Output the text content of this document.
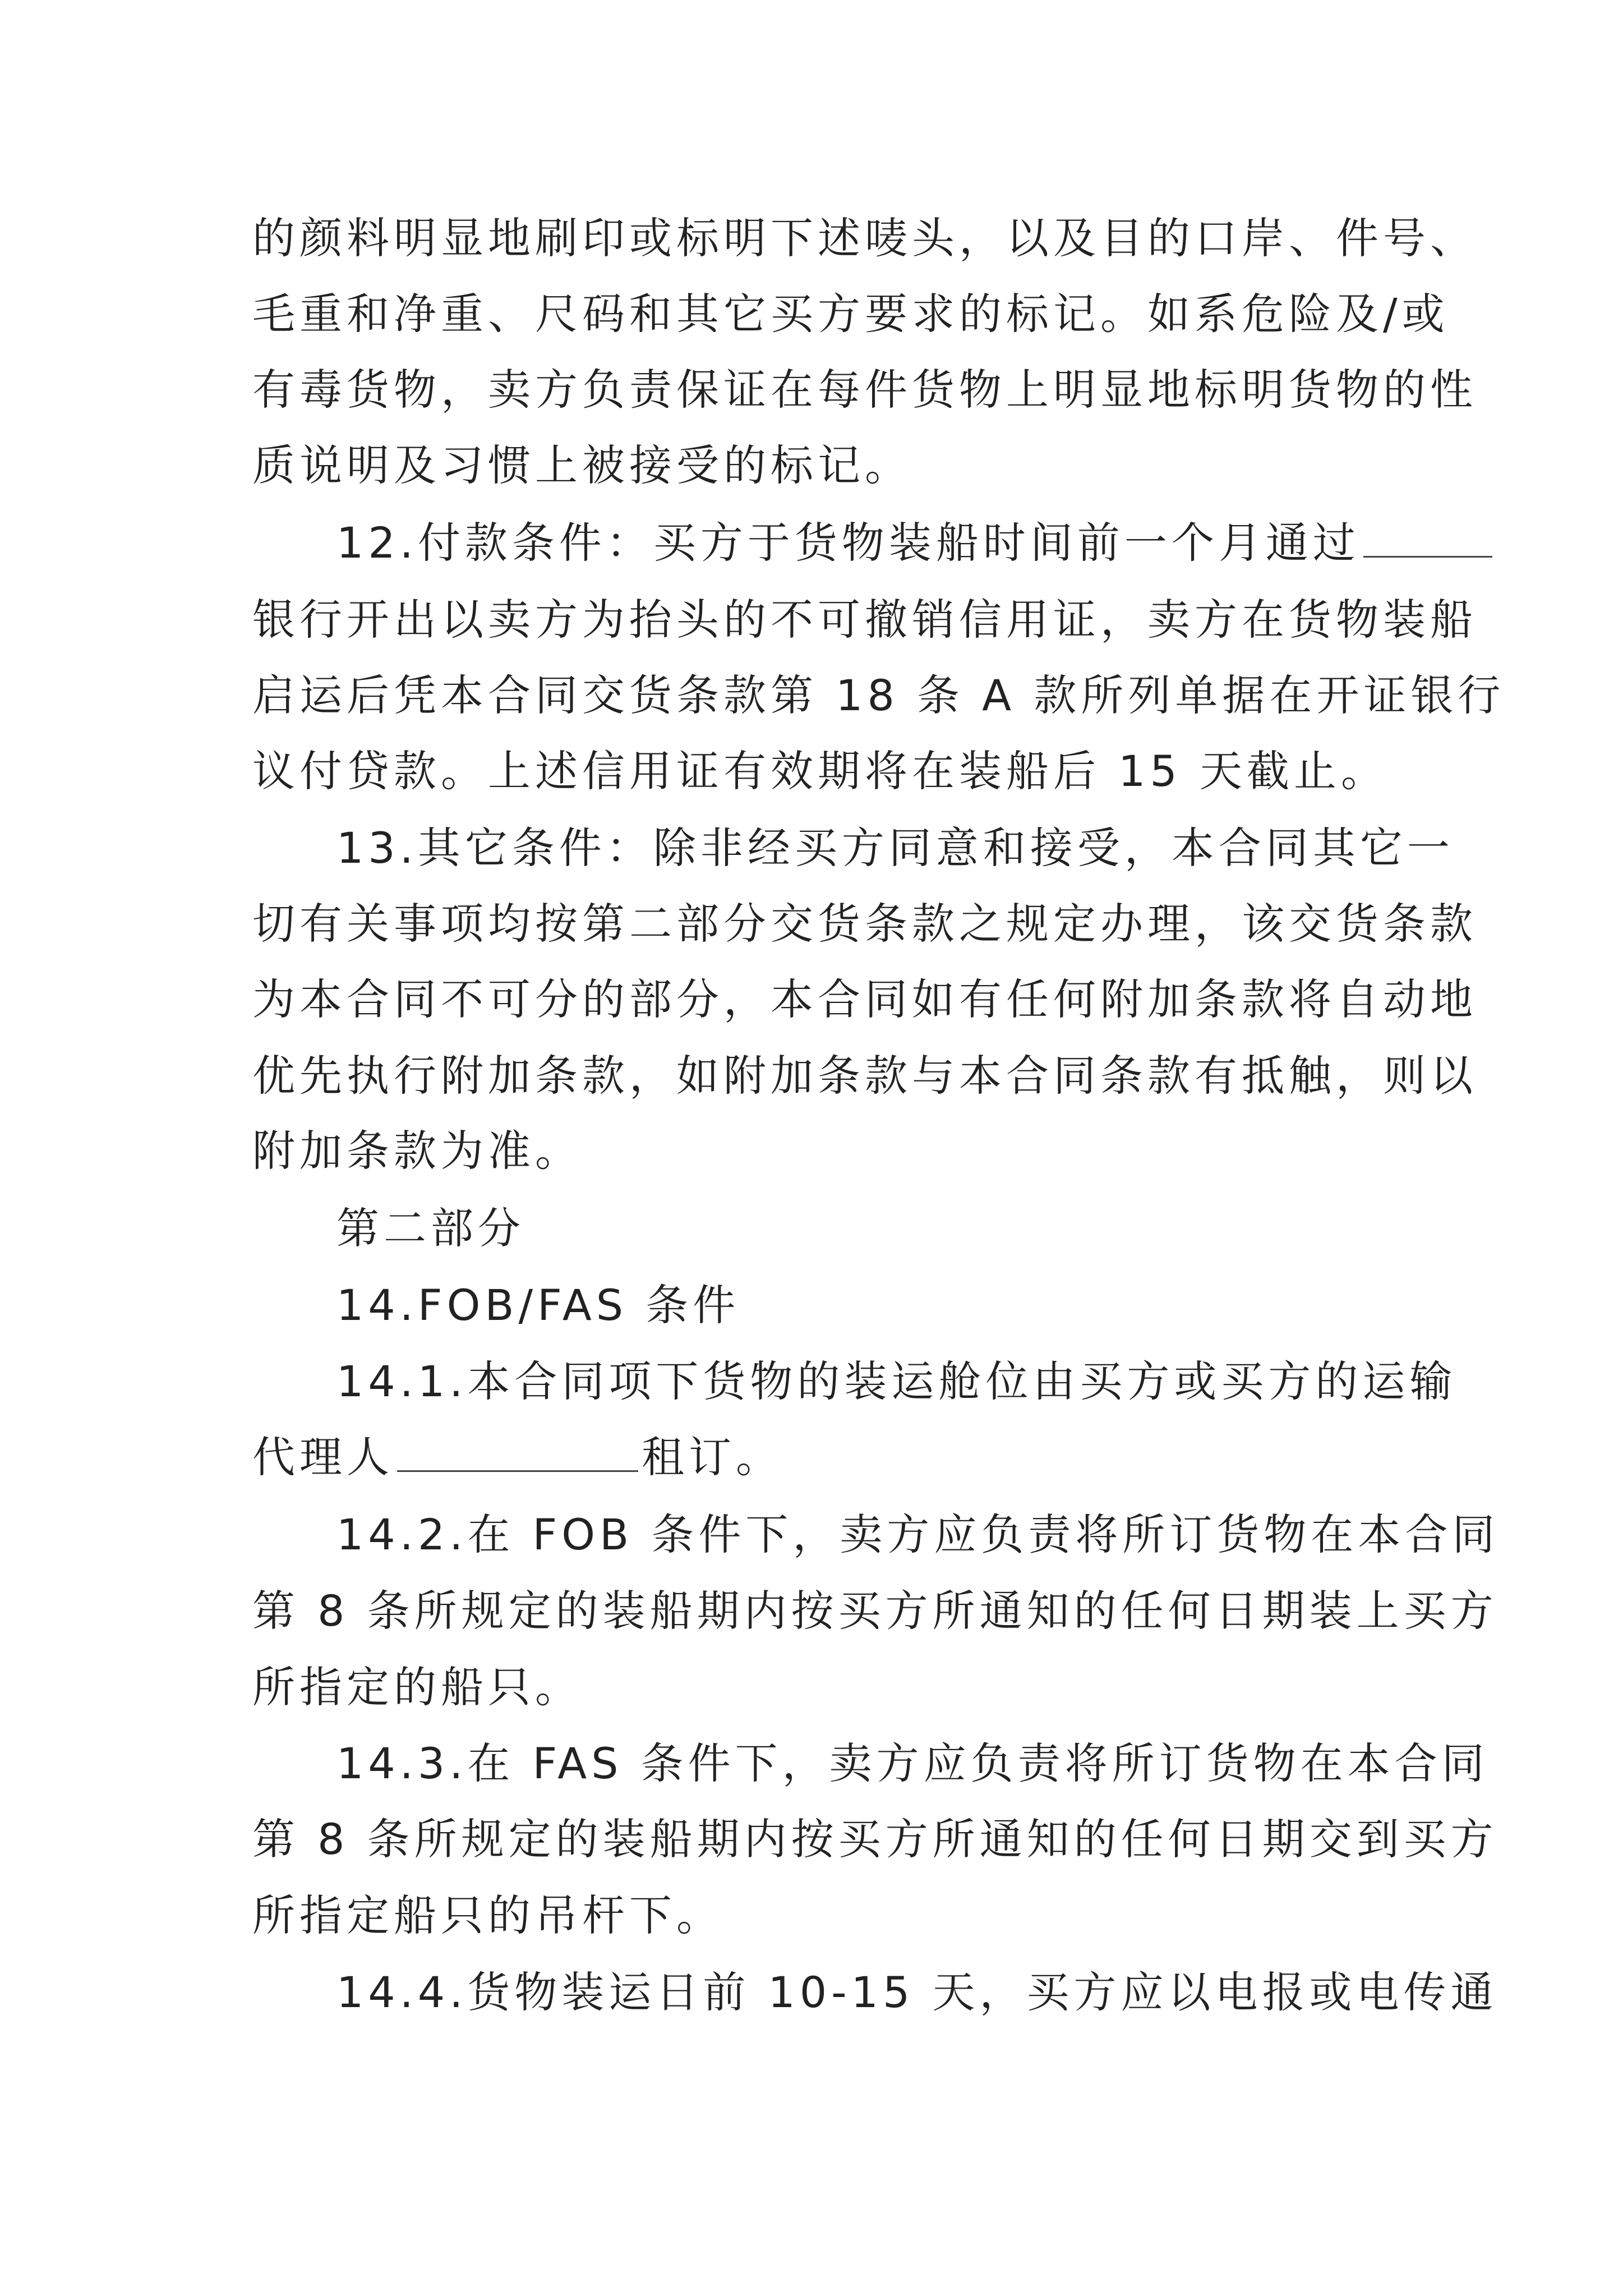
的颜料明显地刷印或标明下述唛头，以及目的口岸、件号、
毛重和净重、尺码和其它买方要求的标记。如系危险及/或
有毒货物，卖方负责保证在每件货物上明显地标明货物的性
质说明及习惯上被接受的标记。
12.付款条件：买方于货物装船时间前一个月通过
银行开出以卖方为抬头的不可撤销信用证，卖方在货物装船
启运后凭本合同交货条款第 18 条 A 款所列单据在开证银行
议付贷款。上述信用证有效期将在装船后 15 天截止。
13.其它条件：除非经买方同意和接受，本合同其它一
切有关事项均按第二部分交货条款之规定办理，该交货条款
为本合同不可分的部分，本合同如有任何附加条款将自动地
优先执行附加条款，如附加条款与本合同条款有抵触，则以
附加条款为准。
第二部分
14.FOB/FAS 条件
14.1.本合同项下货物的装运舱位由买方或买方的运输
代理人	租订。
14.2.在 FOB 条件下，卖方应负责将所订货物在本合同
第 8 条所规定的装船期内按买方所通知的任何日期装上买方
所指定的船只。
14.3.在 FAS 条件下，卖方应负责将所订货物在本合同
第 8 条所规定的装船期内按买方所通知的任何日期交到买方
所指定船只的吊杆下。
14.4.货物装运日前 10-15 天，买方应以电报或电传通
